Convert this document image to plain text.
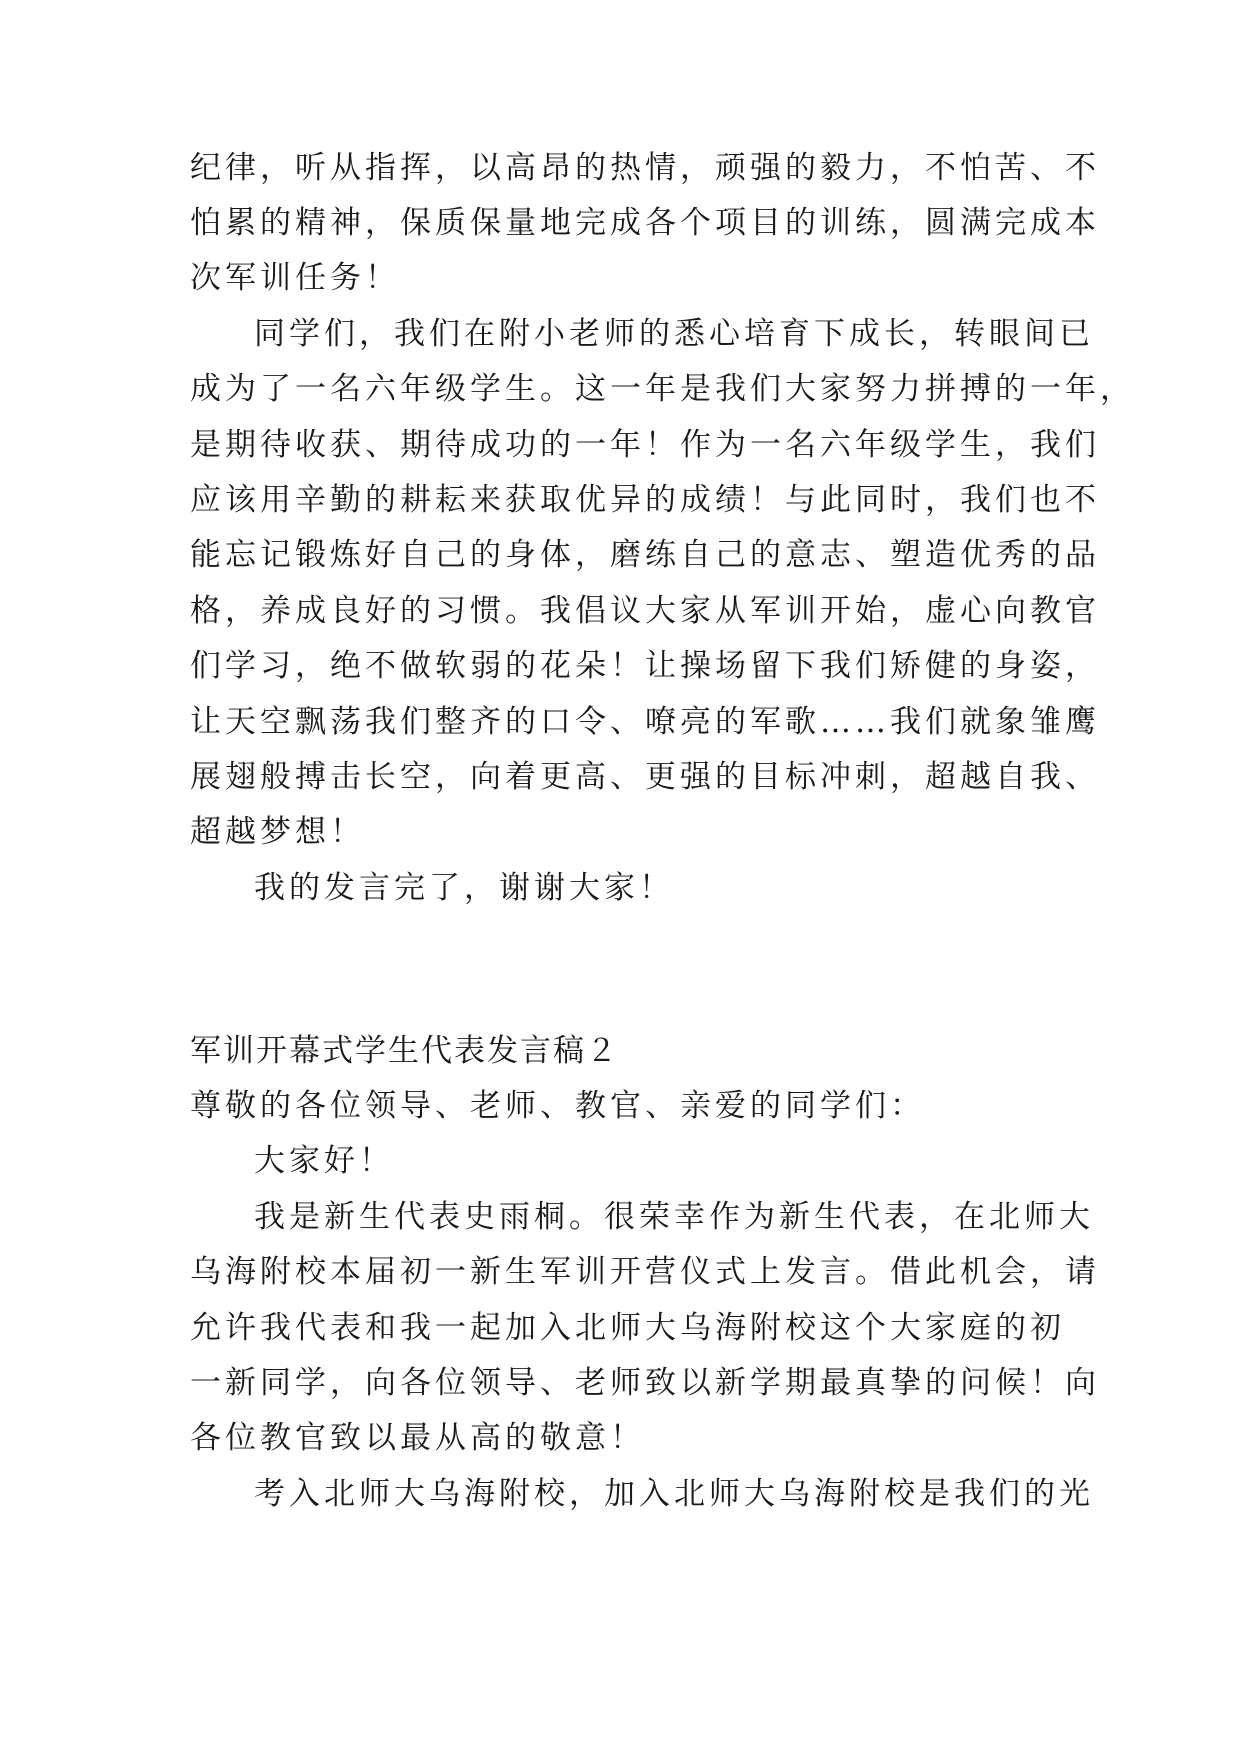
纪律，听从指挥，以高昂的热情，顽强的毅力，不怕苦、不
怕累的精神，保质保量地完成各个项目的训练，圆满完成本
次军训任务！
同学们，我们在附小老师的悉心培育下成长，转眼间已
成为了一名六年级学生。这一年是我们大家努力拼搏的一年，
是期待收获、期待成功的一年！作为一名六年级学生，我们
应该用辛勤的耕耘来获取优异的成绩！与此同时，我们也不
能忘记锻炼好自己的身体，磨练自己的意志、塑造优秀的品
格，养成良好的习惯。我倡议大家从军训开始，虚心向教官
们学习，绝不做软弱的花朵！让操场留下我们矫健的身姿，
让天空飘荡我们整齐的口令、嘹亮的军歌……我们就象雏鹰
展翅般搏击长空，向着更高、更强的目标冲刺，超越自我、
超越梦想！
我的发言完了，谢谢大家！
军训开幕式学生代表发言稿２
尊敬的各位领导、老师、教官、亲爱的同学们：
大家好！
我是新生代表史雨桐。很荣幸作为新生代表，在北师大
乌海附校本届初一新生军训开营仪式上发言。借此机会，请
允许我代表和我一起加入北师大乌海附校这个大家庭的初
一新同学，向各位领导、老师致以新学期最真挚的问候！向
各位教官致以最从高的敬意！
考入北师大乌海附校，加入北师大乌海附校是我们的光
